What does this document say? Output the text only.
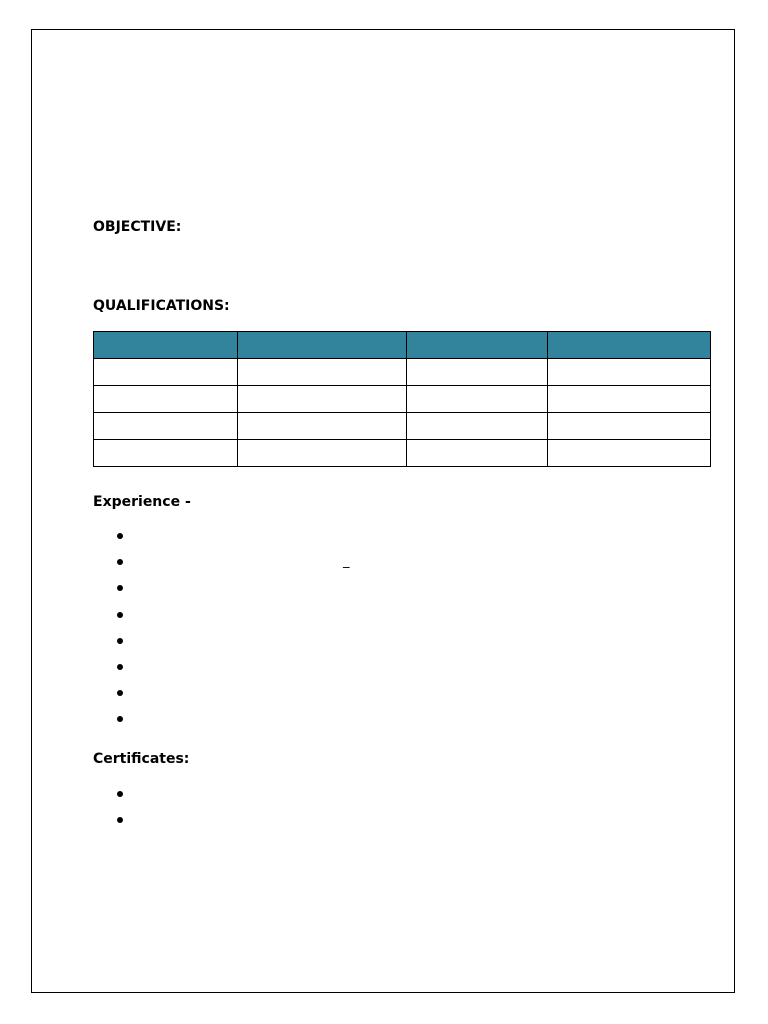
OBJECTIVE:
QUALIFICATIONS:

Experience -
_
Certificates:
